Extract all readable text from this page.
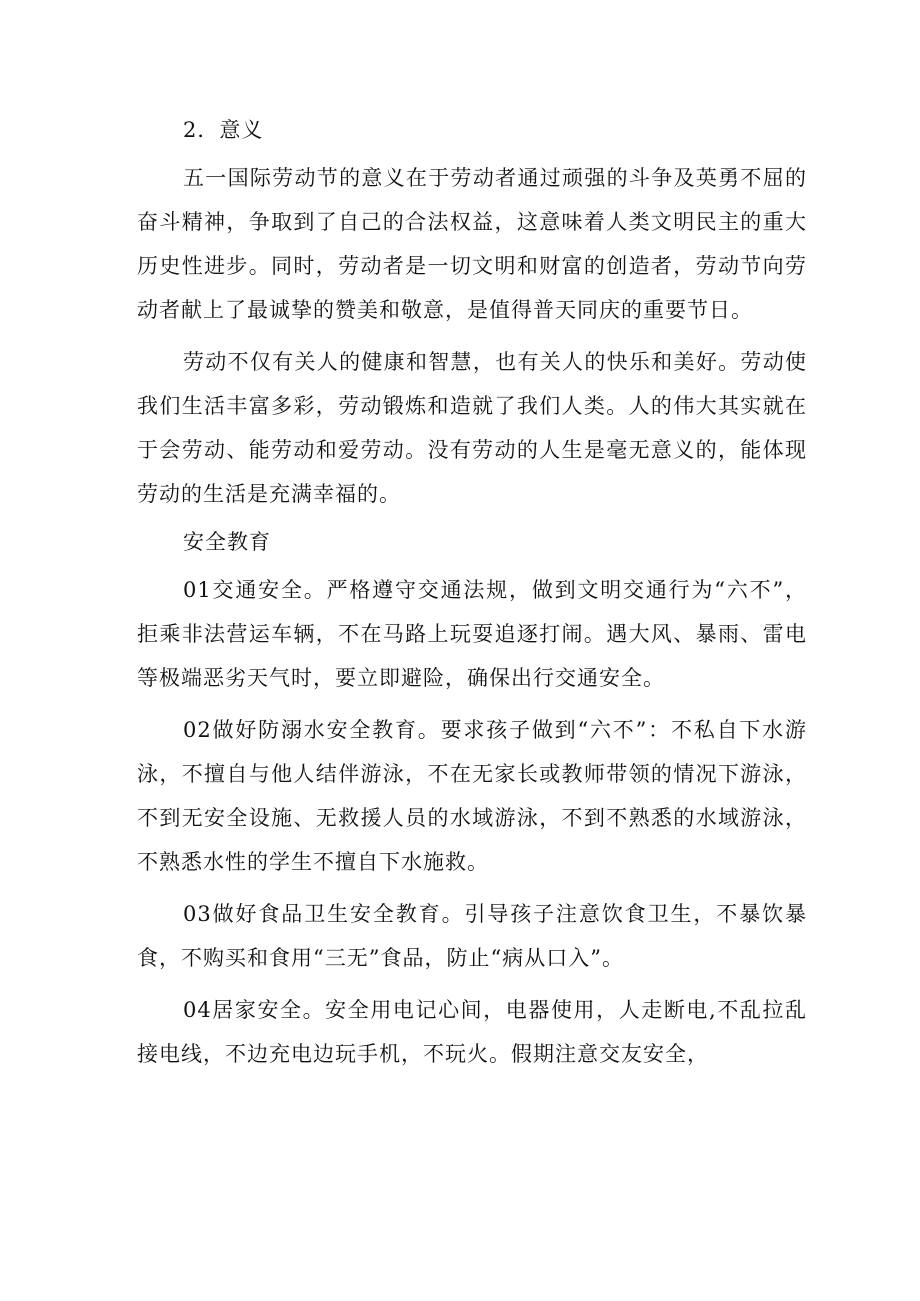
2．意义

五一国际劳动节的意义在于劳动者通过顽强的斗争及英勇不屈的奋斗精神，争取到了自己的合法权益，这意味着人类文明民主的重大历史性进步。同时，劳动者是一切文明和财富的创造者，劳动节向劳动者献上了最诚挚的赞美和敬意，是值得普天同庆的重要节日。

劳动不仅有关人的健康和智慧，也有关人的快乐和美好。劳动使我们生活丰富多彩，劳动锻炼和造就了我们人类。人的伟大其实就在于会劳动、能劳动和爱劳动。没有劳动的人生是毫无意义的，能体现劳动的生活是充满幸福的。

安全教育

01交通安全。严格遵守交通法规，做到文明交通行为“六不”，拒乘非法营运车辆，不在马路上玩耍追逐打闹。遇大风、暴雨、雷电等极端恶劣天气时，要立即避险，确保出行交通安全。

02做好防溺水安全教育。要求孩子做到“六不”：不私自下水游泳，不擅自与他人结伴游泳，不在无家长或教师带领的情况下游泳，不到无安全设施、无救援人员的水域游泳，不到不熟悉的水域游泳，不熟悉水性的学生不擅自下水施救。

03做好食品卫生安全教育。引导孩子注意饮食卫生，不暴饮暴食，不购买和食用“三无”食品，防止“病从口入”。

04居家安全。安全用电记心间，电器使用，人走断电,不乱拉乱接电线，不边充电边玩手机，不玩火。假期注意交友安全，
